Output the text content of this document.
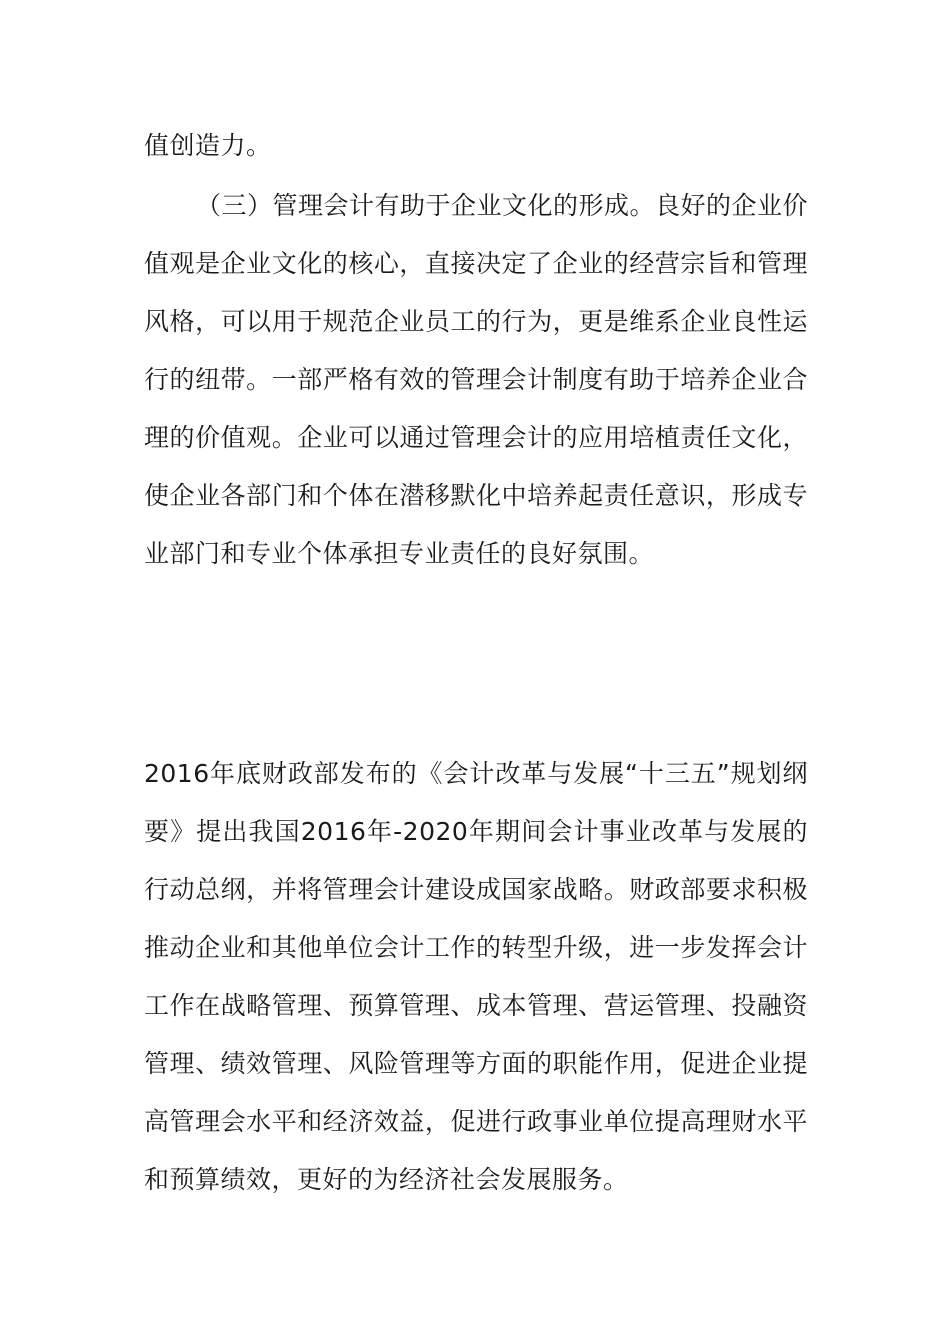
值创造力。

（三）管理会计有助于企业文化的形成。良好的企业价值观是企业文化的核心，直接决定了企业的经营宗旨和管理风格，可以用于规范企业员工的行为，更是维系企业良性运行的纽带。一部严格有效的管理会计制度有助于培养企业合理的价值观。企业可以通过管理会计的应用培植责任文化，使企业各部门和个体在潜移默化中培养起责任意识，形成专业部门和专业个体承担专业责任的良好氛围。

2016年底财政部发布的《会计改革与发展“十三五”规划纲要》提出我国2016年-2020年期间会计事业改革与发展的行动总纲，并将管理会计建设成国家战略。财政部要求积极推动企业和其他单位会计工作的转型升级，进一步发挥会计工作在战略管理、预算管理、成本管理、营运管理、投融资管理、绩效管理、风险管理等方面的职能作用，促进企业提高管理会水平和经济效益，促进行政事业单位提高理财水平和预算绩效，更好的为经济社会发展服务。
